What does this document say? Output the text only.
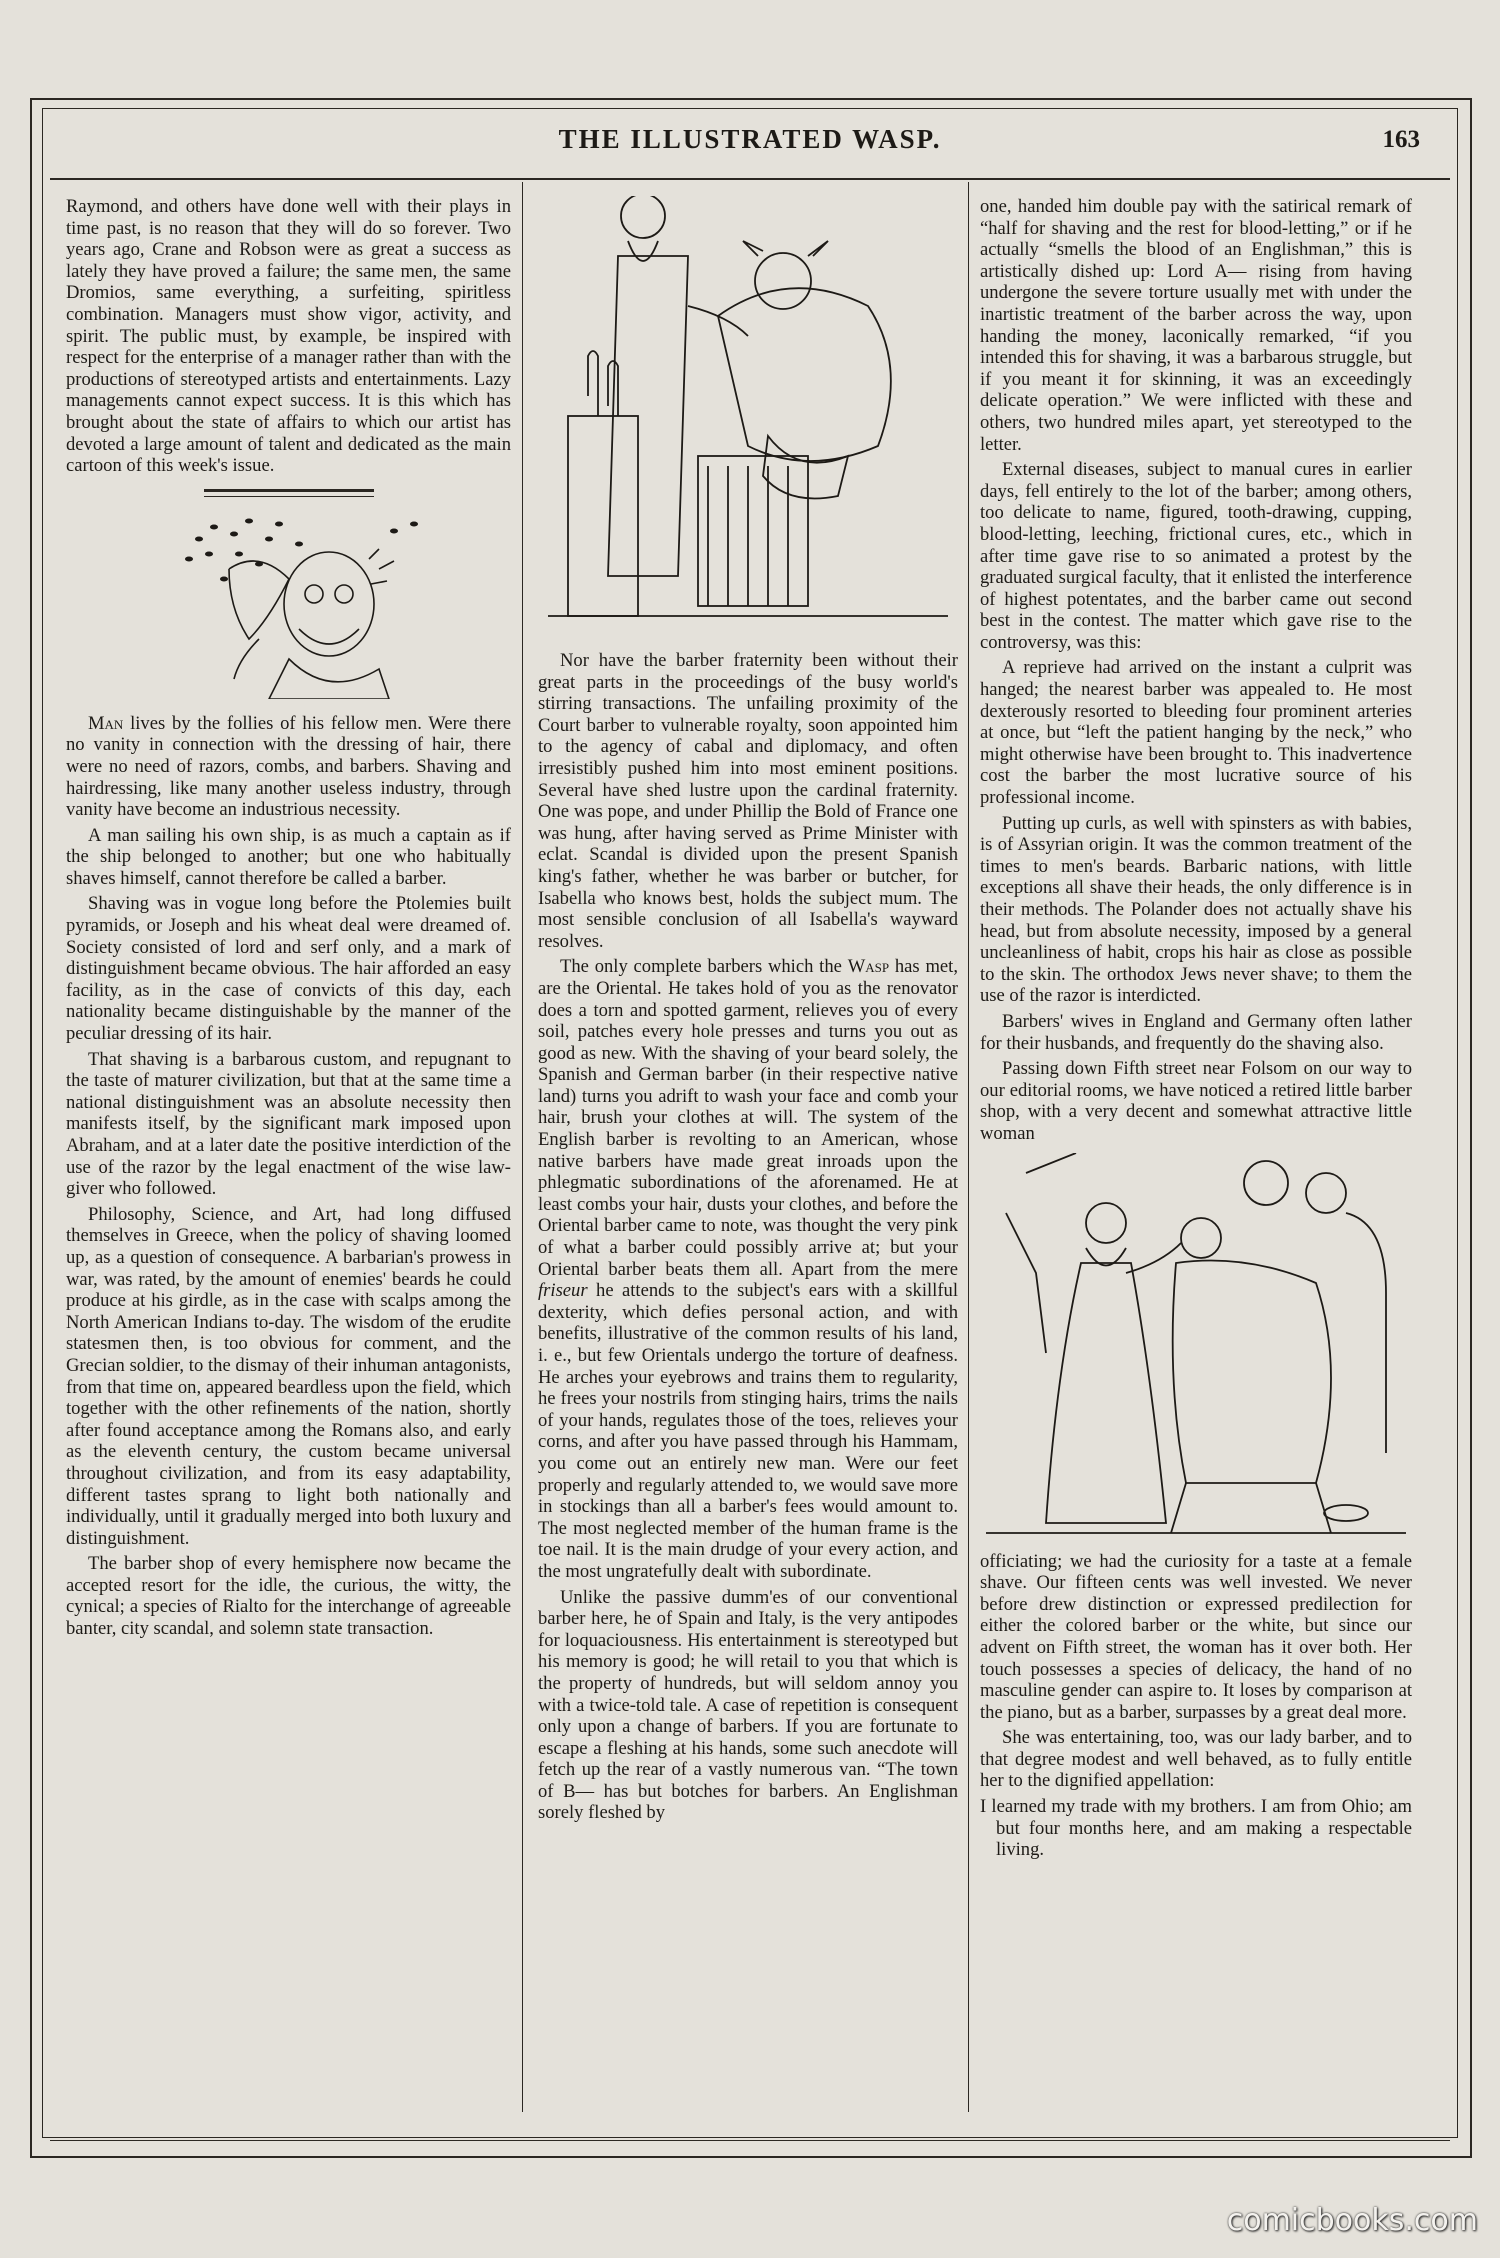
THE ILLUSTRATED WASP.	163

Raymond, and others have done well with their plays in time past, is no reason that they will do so forever. Two years ago, Crane and Robson were as great a success as lately they have proved a failure; the same men, the same Dromios, same everything, a surfeiting, spiritless combination. Managers must show vigor, activity, and spirit. The public must, by example, be inspired with respect for the enterprise of a manager rather than with the productions of stereotyped artists and entertainments. Lazy managements cannot expect success. It is this which has brought about the state of affairs to which our artist has devoted a large amount of talent and dedicated as the main cartoon of this week's issue.

Man lives by the follies of his fellow men. Were there no vanity in connection with the dressing of hair, there were no need of razors, combs, and barbers. Shaving and hairdressing, like many another useless industry, through vanity have become an industrious necessity.

A man sailing his own ship, is as much a captain as if the ship belonged to another; but one who habitually shaves himself, cannot therefore be called a barber.

Shaving was in vogue long before the Ptolemies built pyramids, or Joseph and his wheat deal were dreamed of. Society consisted of lord and serf only, and a mark of distinguishment became obvious. The hair afforded an easy facility, as in the case of convicts of this day, each nationality became distinguishable by the manner of the peculiar dressing of its hair.

That shaving is a barbarous custom, and repugnant to the taste of maturer civilization, but that at the same time a national distinguishment was an absolute necessity then manifests itself, by the significant mark imposed upon Abraham, and at a later date the positive interdiction of the use of the razor by the legal enactment of the wise law-giver who followed.

Philosophy, Science, and Art, had long diffused themselves in Greece, when the policy of shaving loomed up, as a question of consequence. A barbarian's prowess in war, was rated, by the amount of enemies' beards he could produce at his girdle, as in the case with scalps among the North American Indians to-day. The wisdom of the erudite statesmen then, is too obvious for comment, and the Grecian soldier, to the dismay of their inhuman antagonists, from that time on, appeared beardless upon the field, which together with the other refinements of the nation, shortly after found acceptance among the Romans also, and early as the eleventh century, the custom became universal throughout civilization, and from its easy adaptability, different tastes sprang to light both nationally and individually, until it gradually merged into both luxury and distinguishment.

The barber shop of every hemisphere now became the accepted resort for the idle, the curious, the witty, the cynical; a species of Rialto for the interchange of agreeable banter, city scandal, and solemn state transaction.

Nor have the barber fraternity been without their great parts in the proceedings of the busy world's stirring transactions. The unfailing proximity of the Court barber to vulnerable royalty, soon appointed him to the agency of cabal and diplomacy, and often irresistibly pushed him into most eminent positions. Several have shed lustre upon the cardinal fraternity. One was pope, and under Phillip the Bold of France one was hung, after having served as Prime Minister with eclat. Scandal is divided upon the present Spanish king's father, whether he was barber or butcher, for Isabella who knows best, holds the subject mum. The most sensible conclusion of all Isabella's wayward resolves.

The only complete barbers which the Wasp has met, are the Oriental. He takes hold of you as the renovator does a torn and spotted garment, relieves you of every soil, patches every hole presses and turns you out as good as new. With the shaving of your beard solely, the Spanish and German barber (in their respective native land) turns you adrift to wash your face and comb your hair, brush your clothes at will. The system of the English barber is revolting to an American, whose native barbers have made great inroads upon the phlegmatic subordinations of the aforenamed. He at least combs your hair, dusts your clothes, and before the Oriental barber came to note, was thought the very pink of what a barber could possibly arrive at; but your Oriental barber beats them all. Apart from the mere friseur he attends to the subject's ears with a skillful dexterity, which defies personal action, and with benefits, illustrative of the common results of his land, i. e., but few Orientals undergo the torture of deafness. He arches your eyebrows and trains them to regularity, he frees your nostrils from stinging hairs, trims the nails of your hands, regulates those of the toes, relieves your corns, and after you have passed through his Hammam, you come out an entirely new man. Were our feet properly and regularly attended to, we would save more in stockings than all a barber's fees would amount to. The most neglected member of the human frame is the toe nail. It is the main drudge of your every action, and the most ungratefully dealt with subordinate.

Unlike the passive dumm'es of our conventional barber here, he of Spain and Italy, is the very antipodes for loquaciousness. His entertainment is stereotyped but his memory is good; he will retail to you that which is the property of hundreds, but will seldom annoy you with a twice-told tale. A case of repetition is consequent only upon a change of barbers. If you are fortunate to escape a fleshing at his hands, some such anecdote will fetch up the rear of a vastly numerous van. “The town of B— has but botches for barbers. An Englishman sorely fleshed by

one, handed him double pay with the satirical remark of “half for shaving and the rest for blood-letting,” or if he actually “smells the blood of an Englishman,” this is artistically dished up: Lord A— rising from having undergone the severe torture usually met with under the inartistic treatment of the barber across the way, upon handing the money, laconically remarked, “if you intended this for shaving, it was a barbarous struggle, but if you meant it for skinning, it was an exceedingly delicate operation.” We were inflicted with these and others, two hundred miles apart, yet stereotyped to the letter.

External diseases, subject to manual cures in earlier days, fell entirely to the lot of the barber; among others, too delicate to name, figured, tooth-drawing, cupping, blood-letting, leeching, frictional cures, etc., which in after time gave rise to so animated a protest by the graduated surgical faculty, that it enlisted the interference of highest potentates, and the barber came out second best in the contest. The matter which gave rise to the controversy, was this:

A reprieve had arrived on the instant a culprit was hanged; the nearest barber was appealed to. He most dexterously resorted to bleeding four prominent arteries at once, but “left the patient hanging by the neck,” who might otherwise have been brought to. This inadvertence cost the barber the most lucrative source of his professional income.

Putting up curls, as well with spinsters as with babies, is of Assyrian origin. It was the common treatment of the times to men's beards. Barbaric nations, with little exceptions all shave their heads, the only difference is in their methods. The Polander does not actually shave his head, but from absolute necessity, imposed by a general uncleanliness of habit, crops his hair as close as possible to the skin. The orthodox Jews never shave; to them the use of the razor is interdicted.

Barbers' wives in England and Germany often lather for their husbands, and frequently do the shaving also.

Passing down Fifth street near Folsom on our way to our editorial rooms, we have noticed a retired little barber shop, with a very decent and somewhat attractive little woman

officiating; we had the curiosity for a taste at a female shave. Our fifteen cents was well invested. We never before drew distinction or expressed predilection for either the colored barber or the white, but since our advent on Fifth street, the woman has it over both. Her touch possesses a species of delicacy, the hand of no masculine gender can aspire to. It loses by comparison at the piano, but as a barber, surpasses by a great deal more.

She was entertaining, too, was our lady barber, and to that degree modest and well behaved, as to fully entitle her to the dignified appellation:

I learned my trade with my brothers. I am from Ohio; am but four months here, and am making a respectable living.

comicbooks.com
